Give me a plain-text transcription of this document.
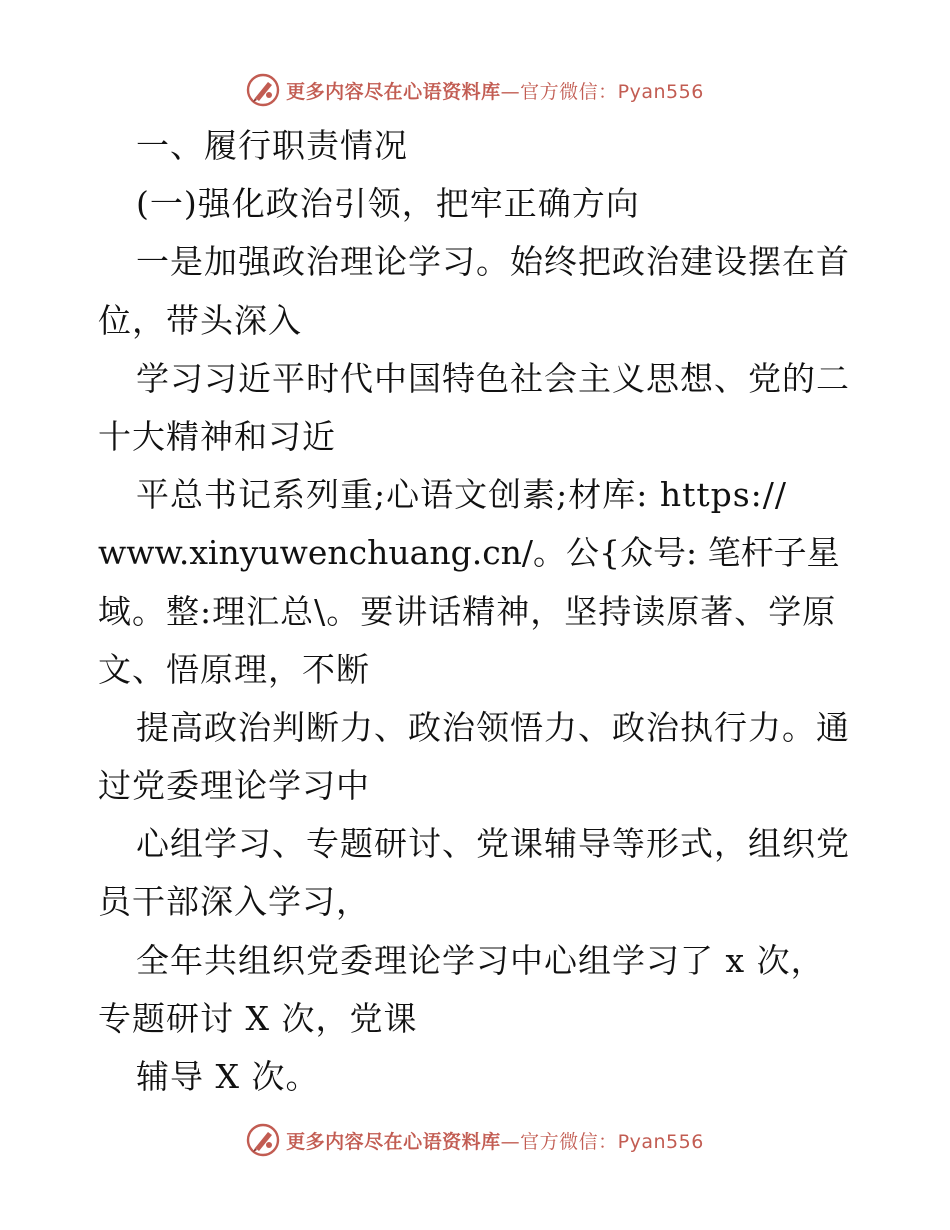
更多内容尽在心语资料库—官方微信：Pyan556
一、履行职责情况
(一)强化政治引领，把牢正确方向
一是加强政治理论学习。始终把政治建设摆在首
位，带头深入
学习习近平时代中国特色社会主义思想、党的二
十大精神和习近
平总书记系列重;心语文创素;材库: https://
www.xinyuwenchuang.cn/。公{众号: 笔杆子星
域。整:理汇总\。要讲话精神，坚持读原著、学原
文、悟原理，不断
提高政治判断力、政治领悟力、政治执行力。通
过党委理论学习中
心组学习、专题研讨、党课辅导等形式，组织党
员干部深入学习，
全年共组织党委理论学习中心组学习了 x 次，
专题研讨 X 次，党课
辅导 X 次。
更多内容尽在心语资料库—官方微信：Pyan556
